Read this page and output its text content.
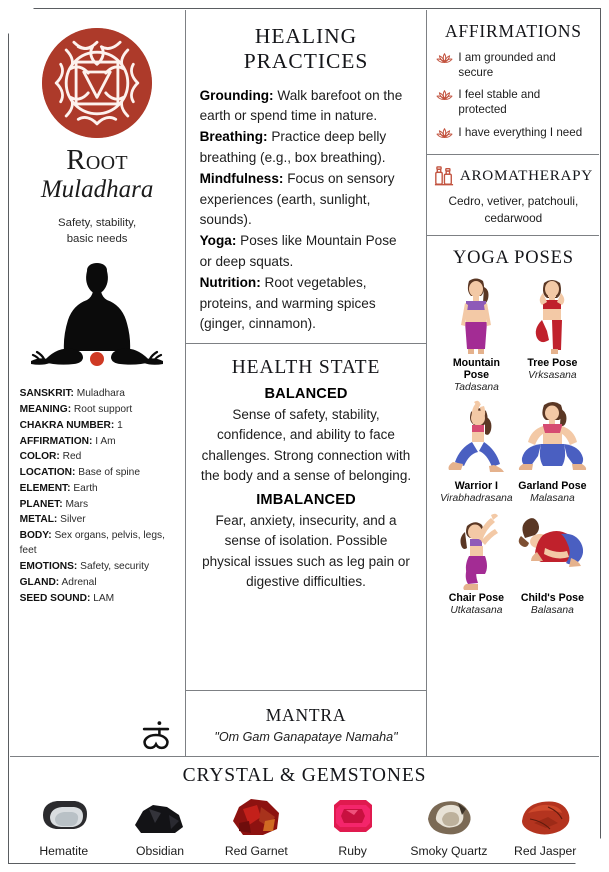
Root
Muladhara
Safety, stability,
basic needs
SANSKRIT: Muladhara
MEANING: Root support
CHAKRA NUMBER: 1
AFFIRMATION: I Am
COLOR: Red
LOCATION: Base of spine
ELEMENT: Earth
PLANET: Mars
METAL: Silver
BODY: Sex organs, pelvis, legs, feet
EMOTIONS: Safety, security
GLAND: Adrenal
SEED SOUND: LAM
HEALING PRACTICES
Grounding: Walk barefoot on the earth or spend time in nature.
Breathing: Practice deep belly breathing (e.g., box breathing).
Mindfulness: Focus on sensory experiences (earth, sunlight, sounds).
Yoga: Poses like Mountain Pose or deep squats.
Nutrition: Root vegetables, proteins, and warming spices (ginger, cinnamon).
HEALTH STATE
BALANCED
Sense of safety, stability, confidence, and ability to face challenges. Strong connection with the body and a sense of belonging.
IMBALANCED
Fear, anxiety, insecurity, and a sense of isolation. Possible physical issues such as leg pain or digestive difficulties.
MANTRA
"Om Gam Ganapataye Namaha"
AFFIRMATIONS
I am grounded and secure
I feel stable and protected
I have everything I need
AROMATHERAPY
Cedro, vetiver, patchouli, cedarwood
YOGA POSES
Mountain Pose
Tadasana
Tree Pose
Vrksasana
Warrior I
Virabhadrasana
Garland Pose
Malasana
Chair Pose
Utkatasana
Child's Pose
Balasana
CRYSTAL & GEMSTONES
Hematite	Obsidian	Red Garnet	Ruby	Smoky Quartz Red Jasper
